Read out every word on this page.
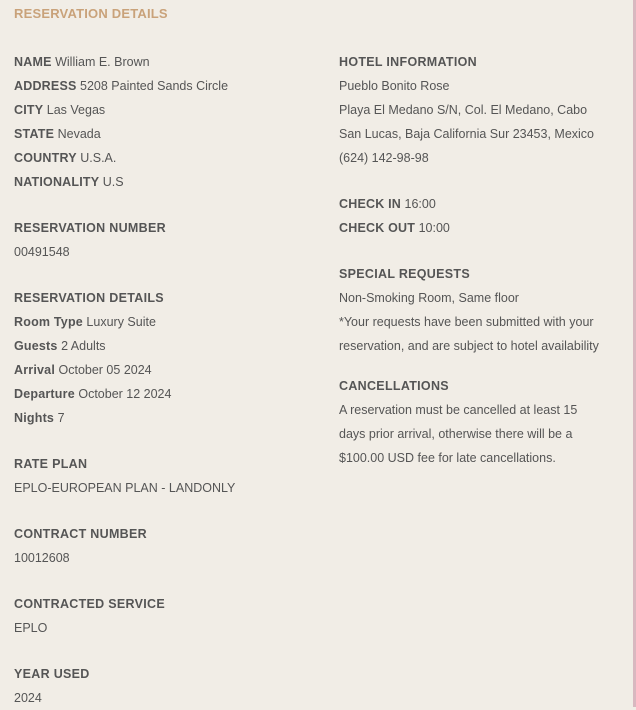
RESERVATION DETAILS
NAME William E. Brown
ADDRESS 5208 Painted Sands Circle
CITY Las Vegas
STATE Nevada
COUNTRY U.S.A.
NATIONALITY U.S
RESERVATION NUMBER
00491548
RESERVATION DETAILS
Room Type Luxury Suite
Guests 2 Adults
Arrival October 05 2024
Departure October 12 2024
Nights 7
RATE PLAN
EPLO-EUROPEAN PLAN - LANDONLY
CONTRACT NUMBER
10012608
CONTRACTED SERVICE
EPLO
YEAR USED
2024
HOTEL INFORMATION
Pueblo Bonito Rose
Playa El Medano S/N, Col. El Medano, Cabo
San Lucas, Baja California Sur 23453, Mexico
(624) 142-98-98
CHECK IN 16:00
CHECK OUT 10:00
SPECIAL REQUESTS
Non-Smoking Room, Same floor
*Your requests have been submitted with your
reservation, and are subject to hotel availability
CANCELLATIONS
A reservation must be cancelled at least 15
days prior arrival, otherwise there will be a
$100.00 USD fee for late cancellations.
